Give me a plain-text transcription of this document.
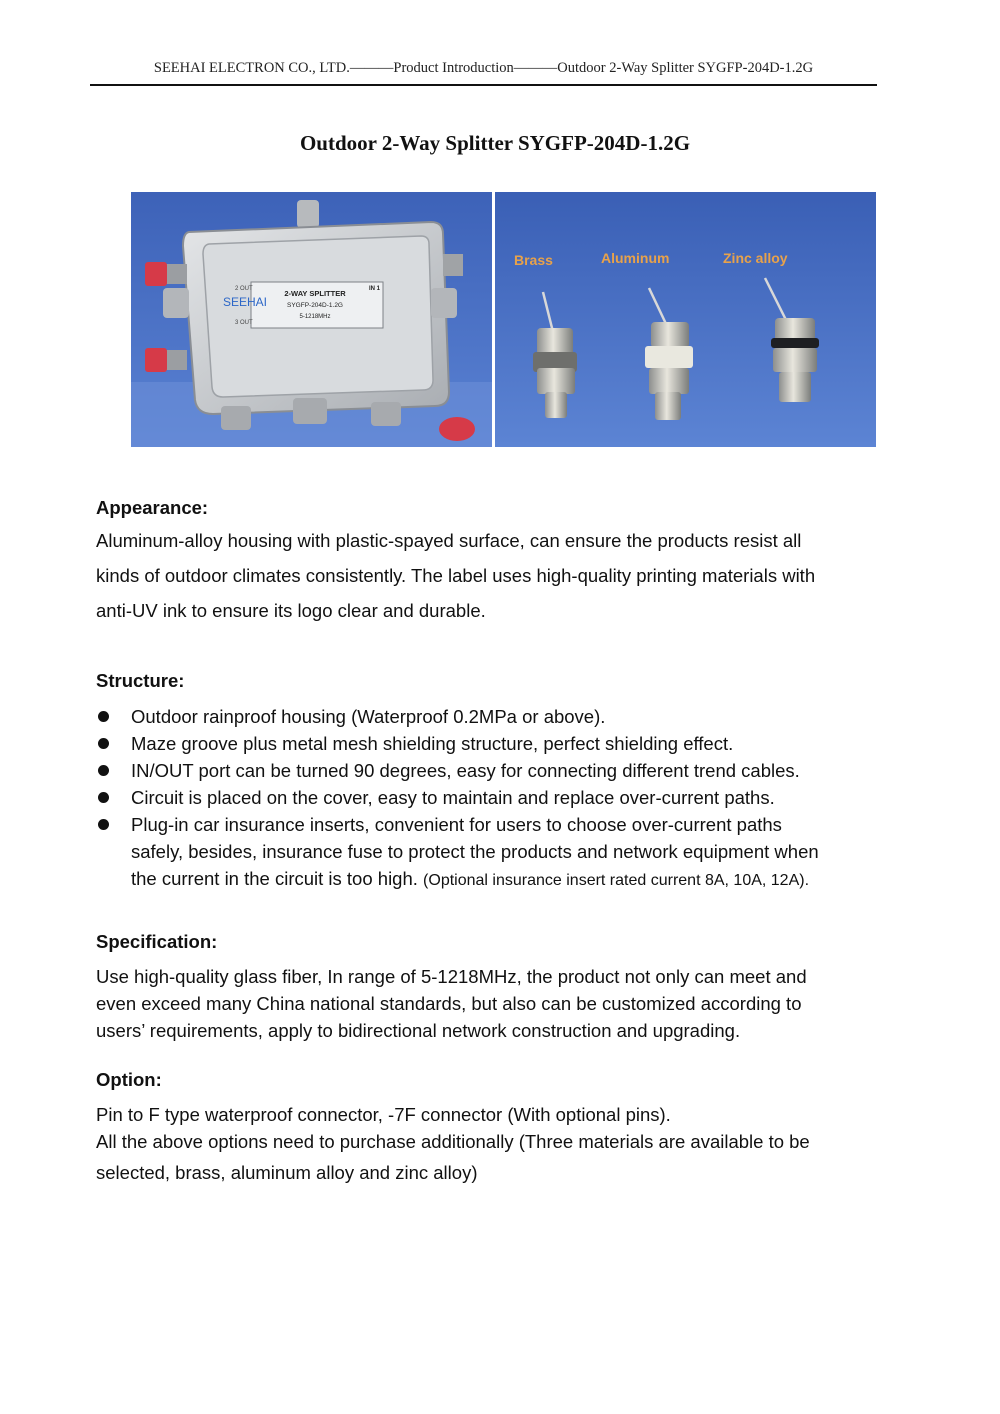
SEEHAI ELECTRON CO., LTD.———Product Introduction———Outdoor 2-Way Splitter SYGFP-204D-1.2G
Outdoor 2-Way Splitter SYGFP-204D-1.2G
SEEHAI
2-WAY SPLITTER
SYGFP-204D-1.2G
5-1218MHz
2 OUT
3 OUT
IN 1
Brass	Aluminum	Zinc alloy
Appearance:

Aluminum-alloy housing with plastic-spayed surface, can ensure the products resist all
kinds of outdoor climates consistently. The label uses high-quality printing materials with
anti-UV ink to ensure its logo clear and durable.

Structure:
Outdoor rainproof housing (Waterproof 0.2MPa or above).
Maze groove plus metal mesh shielding structure, perfect shielding effect.
IN/OUT port can be turned 90 degrees, easy for connecting different trend cables.
Circuit is placed on the cover, easy to maintain and replace over-current paths.
Plug-in car insurance inserts, convenient for users to choose over-current paths
safely, besides, insurance fuse to protect the products and network equipment when
the current in the circuit is too high. (Optional insurance insert rated current 8A, 10A, 12A).
Specification:

Use high-quality glass fiber, In range of 5-1218MHz, the product not only can meet and
even exceed many China national standards, but also can be customized according to
users’ requirements, apply to bidirectional network construction and upgrading.

Option:

Pin to F type waterproof connector, -7F connector (With optional pins).
All the above options need to purchase additionally (Three materials are available to be

selected, brass, aluminum alloy and zinc alloy)
